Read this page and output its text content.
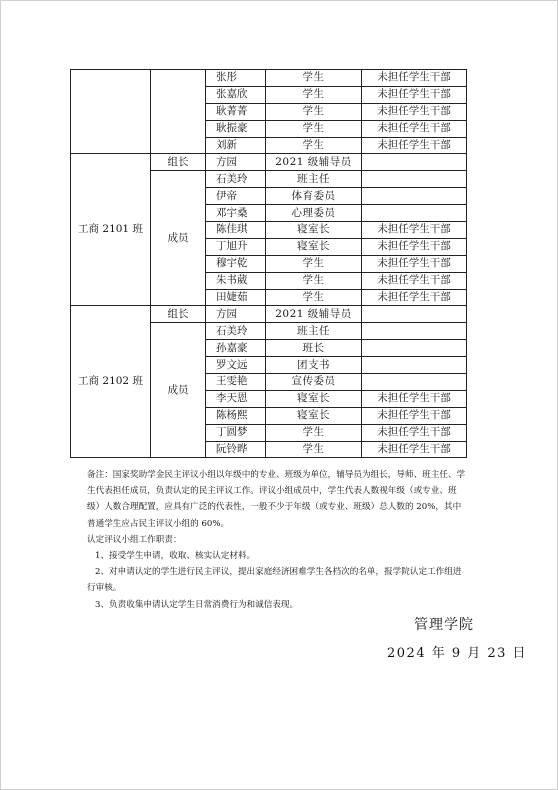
		张彤	学生	未担任学生干部
		张嘉欣	学生	未担任学生干部
		耿菁菁	学生	未担任学生干部
		耿振豪	学生	未担任学生干部
		刘新	学生	未担任学生干部
工商 2101 班	组长	方园	2021 级辅导员	
	成员	石美玲	班主任	
		伊帝	体育委员	
		邓宇桑	心理委员	
		陈佳琪	寝室长	未担任学生干部
		丁旭升	寝室长	未担任学生干部
		穆宇乾	学生	未担任学生干部
		朱书葳	学生	未担任学生干部
		田婕茹	学生	未担任学生干部
工商 2102 班	组长	方园	2021 级辅导员	
	成员	石美玲	班主任	
		孙嘉豪	班长	
		罗文远	团支书	
		王雯艳	宣传委员	
		李天恩	寝室长	未担任学生干部
		陈杨熙	寝室长	未担任学生干部
		丁圆梦	学生	未担任学生干部
		阮铃晔	学生	未担任学生干部

备注：国家奖助学金民主评议小组以年级中的专业、班级为单位，辅导员为组长，导师、班主任、学生代表担任成员，负责认定的民主评议工作。评议小组成员中，学生代表人数视年级（或专业、班级）人数合理配置，应具有广泛的代表性，一般不少于年级（或专业、班级）总人数的 20%，其中普通学生应占民主评议小组的 60%。

认定评议小组工作职责：

1、接受学生申请，收取、核实认定材料。

2、对申请认定的学生进行民主评议，提出家庭经济困难学生各档次的名单，报学院认定工作组进行审核。

3、负责收集申请认定学生日常消费行为和诚信表现。

管理学院
2024 年 9 月 23 日
